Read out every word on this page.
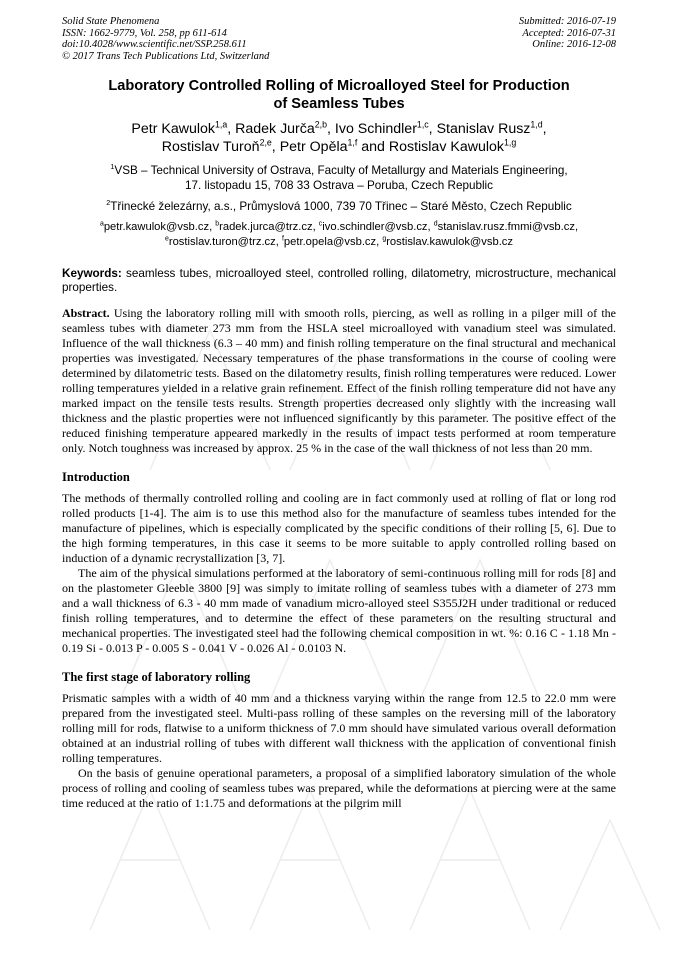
Solid State Phenomena
ISSN: 1662-9779, Vol. 258, pp 611-614
doi:10.4028/www.scientific.net/SSP.258.611
© 2017 Trans Tech Publications Ltd, Switzerland
Submitted: 2016-07-19
Accepted: 2016-07-31
Online: 2016-12-08
Laboratory Controlled Rolling of Microalloyed Steel for Production
of Seamless Tubes
Petr Kawulok$^{1,a}$, Radek Jurča$^{2,b}$, Ivo Schindler$^{1,c}$, Stanislav Rusz$^{1,d}$,
Rostislav Turoň$^{2,e}$, Petr Opěla$^{1,f}$ and Rostislav Kawulok$^{1,g}$
$^1$VSB – Technical University of Ostrava, Faculty of Metallurgy and Materials Engineering,
17. listopadu 15, 708 33 Ostrava – Poruba, Czech Republic
$^2$Třinecké železárny, a.s., Průmyslová 1000, 739 70 Třinec – Staré Město, Czech Republic
$^a$petr.kawulok@vsb.cz, $^b$radek.jurca@trz.cz, $^c$ivo.schindler@vsb.cz, $^d$stanislav.rusz.fmmi@vsb.cz,
$^e$rostislav.turon@trz.cz, $^f$petr.opela@vsb.cz, $^g$rostislav.kawulok@vsb.cz
Keywords: seamless tubes, microalloyed steel, controlled rolling, dilatometry, microstructure, mechanical properties.
Abstract. Using the laboratory rolling mill with smooth rolls, piercing, as well as rolling in a pilger mill of the seamless tubes with diameter 273 mm from the HSLA steel microalloyed with vanadium steel was simulated. Influence of the wall thickness (6.3 – 40 mm) and finish rolling temperature on the final structural and mechanical properties was investigated. Necessary temperatures of the phase transformations in the course of cooling were determined by dilatometric tests. Based on the dilatometry results, finish rolling temperatures were reduced. Lower rolling temperatures yielded in a relative grain refinement. Effect of the finish rolling temperature did not have any marked impact on the tensile tests results. Strength properties decreased only slightly with the increasing wall thickness and the plastic properties were not influenced significantly by this parameter. The positive effect of the reduced finishing temperature appeared markedly in the results of impact tests performed at room temperature only. Notch toughness was increased by approx. 25 % in the case of the wall thickness of not less than 20 mm.
Introduction
The methods of thermally controlled rolling and cooling are in fact commonly used at rolling of flat or long rod rolled products [1-4]. The aim is to use this method also for the manufacture of seamless tubes intended for the manufacture of pipelines, which is especially complicated by the specific conditions of their rolling [5, 6]. Due to the high forming temperatures, in this case it seems to be more suitable to apply controlled rolling based on induction of a dynamic recrystallization [3, 7].
The aim of the physical simulations performed at the laboratory of semi-continuous rolling mill for rods [8] and on the plastometer Gleeble 3800 [9] was simply to imitate rolling of seamless tubes with a diameter of 273 mm and a wall thickness of 6.3 - 40 mm made of vanadium micro-alloyed steel S355J2H under traditional or reduced finish rolling temperatures, and to determine the effect of these parameters on the resulting structural and mechanical properties. The investigated steel had the following chemical composition in wt. %: 0.16 C - 1.18 Mn - 0.19 Si - 0.013 P - 0.005 S - 0.041 V - 0.026 Al - 0.0103 N.
The first stage of laboratory rolling
Prismatic samples with a width of 40 mm and a thickness varying within the range from 12.5 to 22.0 mm were prepared from the investigated steel. Multi-pass rolling of these samples on the reversing mill of the laboratory rolling mill for rods, flatwise to a uniform thickness of 7.0 mm should have simulated various overall deformation obtained at an industrial rolling of tubes with different wall thickness with the application of conventional finish rolling temperatures.
On the basis of genuine operational parameters, a proposal of a simplified laboratory simulation of the whole process of rolling and cooling of seamless tubes was prepared, while the deformations at piercing were at the same time reduced at the ratio of 1:1.75 and deformations at the pilgrim mill
